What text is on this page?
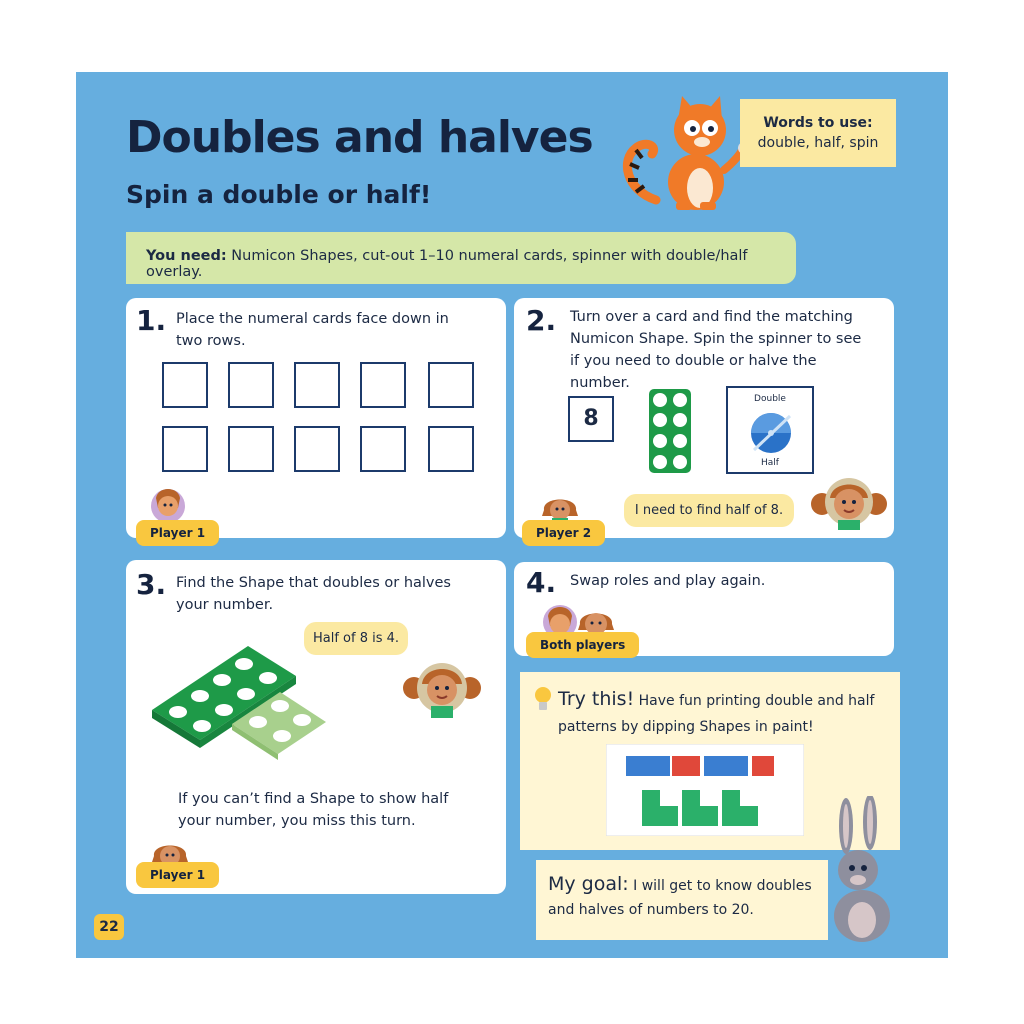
Doubles and halves
Spin a double or half!
Words to use:
double, half, spin
You need: Numicon Shapes, cut-out 1–10 numeral cards, spinner with double/half overlay.
1. Place the numeral cards face down in two rows.
Player 1
2. Turn over a card and find the matching Numicon Shape. Spin the spinner to see if you need to double or halve the number.
8
Double
Half
Player 2
I need to find half of 8.
3. Find the Shape that doubles or halves your number.
Half of 8 is 4.
If you can’t find a Shape to show half your number, you miss this turn.
Player 1
4. Swap roles and play again.
Both players
Try this! Have fun printing double and half
patterns by dipping Shapes in paint!
My goal: I will get to know doubles
and halves of numbers to 20.
22
